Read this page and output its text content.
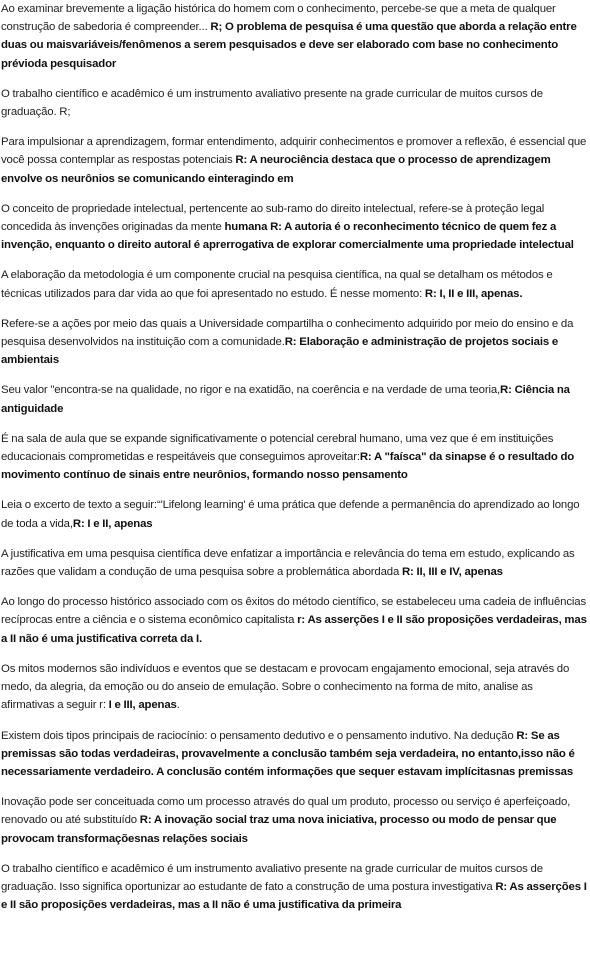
Ao examinar brevemente a ligação histórica do homem com o conhecimento, percebe-se que a meta de qualquer construção de sabedoria é compreender... R; O problema de pesquisa é uma questão que aborda a relação entre duas ou maisvariáveis/fenômenos a serem pesquisados e deve ser elaborado com base no conhecimento prévioda pesquisador

O trabalho científico e acadêmico é um instrumento avaliativo presente na grade curricular de muitos cursos de graduação. R;

Para impulsionar a aprendizagem, formar entendimento, adquirir conhecimentos e promover a reflexão, é essencial que você possa contemplar as respostas potenciais R: A neurociência destaca que o processo de aprendizagem envolve os neurônios se comunicando einteragindo em

O conceito de propriedade intelectual, pertencente ao sub-ramo do direito intelectual, refere-se à proteção legal concedida às invenções originadas da mente humana R: A autoria é o reconhecimento técnico de quem fez a invenção, enquanto o direito autoral é aprerrogativa de explorar comercialmente uma propriedade intelectual

A elaboração da metodologia é um componente crucial na pesquisa científica, na qual se detalham os métodos e técnicas utilizados para dar vida ao que foi apresentado no estudo. É nesse momento: R: I, II e III, apenas.

Refere-se a ações por meio das quais a Universidade compartilha o conhecimento adquirido por meio do ensino e da pesquisa desenvolvidos na instituição com a comunidade.R: Elaboração e administração de projetos sociais e ambientais

Seu valor "encontra-se na qualidade, no rigor e na exatidão, na coerência e na verdade de uma teoria,R: Ciência na antiguidade

É na sala de aula que se expande significativamente o potencial cerebral humano, uma vez que é em instituições educacionais comprometidas e respeitáveis que conseguimos aproveitar:R: A "faísca" da sinapse é o resultado do movimento contínuo de sinais entre neurônios, formando nosso pensamento

Leia o excerto de texto a seguir:“'Lifelong learning' é uma prática que defende a permanência do aprendizado ao longo de toda a vida,R: I e II, apenas

A justificativa em uma pesquisa científica deve enfatizar a importância e relevância do tema em estudo, explicando as razões que validam a condução de uma pesquisa sobre a problemática abordada R: II, III e IV, apenas

Ao longo do processo histórico associado com os êxitos do método científico, se estabeleceu uma cadeia de influências recíprocas entre a ciência e o sistema econômico capitalista r: As asserções I e II são proposições verdadeiras, mas a II não é uma justificativa correta da I.

Os mitos modernos são indivíduos e eventos que se destacam e provocam engajamento emocional, seja através do medo, da alegria, da emoção ou do anseio de emulação. Sobre o conhecimento na forma de mito, analise as afirmativas a seguir r: I e III, apenas.

Existem dois tipos principais de raciocínio: o pensamento dedutivo e o pensamento indutivo. Na dedução R: Se as premissas são todas verdadeiras, provavelmente a conclusão também seja verdadeira, no entanto,isso não é necessariamente verdadeiro. A conclusão contém informações que sequer estavam implícitasnas premissas

Inovação pode ser conceituada como um processo através do qual um produto, processo ou serviço é aperfeiçoado, renovado ou até substituído R: A inovação social traz uma nova iniciativa, processo ou modo de pensar que provocam transformaçõesnas relações sociais

O trabalho científico e acadêmico é um instrumento avaliativo presente na grade curricular de muitos cursos de graduação. Isso significa oportunizar ao estudante de fato a construção de uma postura investigativa R: As asserções I e II são proposições verdadeiras, mas a II não é uma justificativa da primeira
